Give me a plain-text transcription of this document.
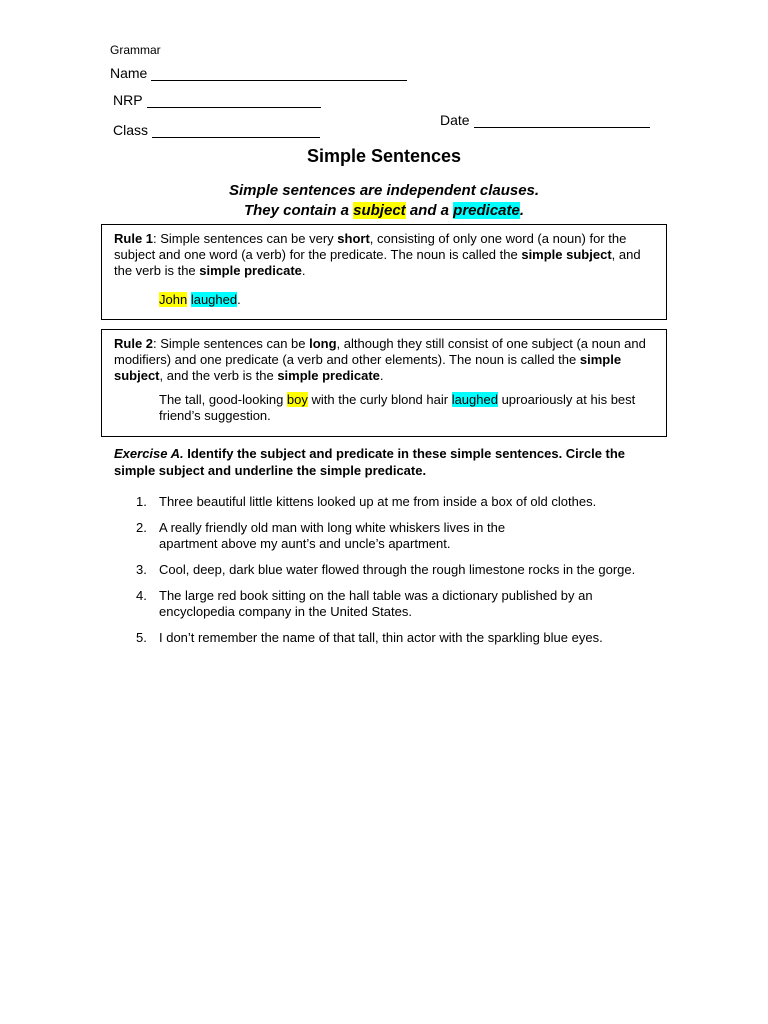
Grammar
Name
NRP
Class
Date
Simple Sentences
Simple sentences are independent clauses.
They contain a subject and a predicate.

Rule 1: Simple sentences can be very short, consisting of only one word (a noun) for the subject and one word (a verb) for the predicate. The noun is called the simple subject, and the verb is the simple predicate.

John laughed.

Rule 2: Simple sentences can be long, although they still consist of one subject (a noun and modifiers) and one predicate (a verb and other elements). The noun is called the simple subject, and the verb is the simple predicate.

The tall, good-looking boy with the curly blond hair laughed uproariously at his best friend’s suggestion.

Exercise A. Identify the subject and predicate in these simple sentences. Circle the simple subject and underline the simple predicate.
1. Three beautiful little kittens looked up at me from inside a box of old clothes.
2. A really friendly old man with long white whiskers lives in the apartment above my aunt’s and uncle’s apartment.
3. Cool, deep, dark blue water flowed through the rough limestone rocks in the gorge.
4. The large red book sitting on the hall table was a dictionary published by an encyclopedia company in the United States.
5. I don’t remember the name of that tall, thin actor with the sparkling blue eyes.
